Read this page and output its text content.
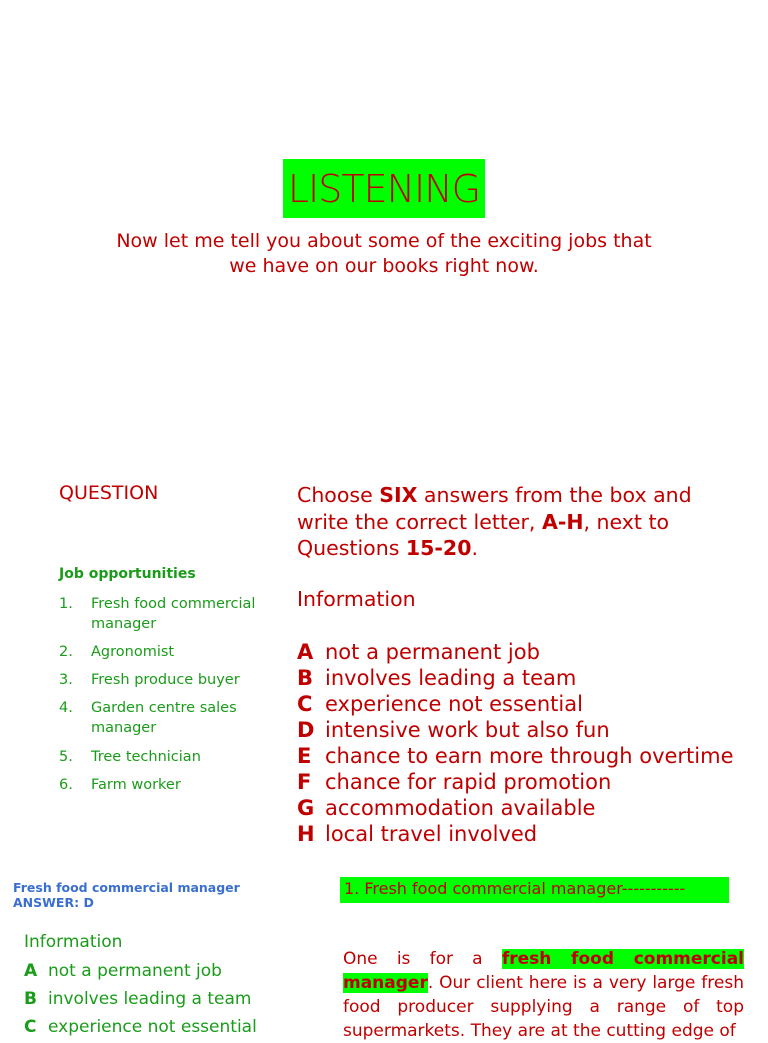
LISTENING
Now let me tell you about some of the exciting jobs that
we have on our books right now.
QUESTION
Job opportunities
1.	Fresh food commercial manager
2.	Agronomist
3.	Fresh produce buyer
4.	Garden centre sales manager
5.	Tree technician
6.	Farm worker
Choose SIX answers from the box and write the correct letter, A-H, next to Questions 15-20.
Information
A not a permanent job
B involves leading a team
C experience not essential
D intensive work but also fun
E chance to earn more through overtime
F chance for rapid promotion
G accommodation available
H local travel involved
Fresh food commercial manager
ANSWER: D
Information
A not a permanent job
B involves leading a team
C experience not essential
1. Fresh food commercial manager-----------
One is for a fresh food commercial manager. Our client here is a very large fresh food producer supplying a range of top supermarkets. They are at the cutting edge of
